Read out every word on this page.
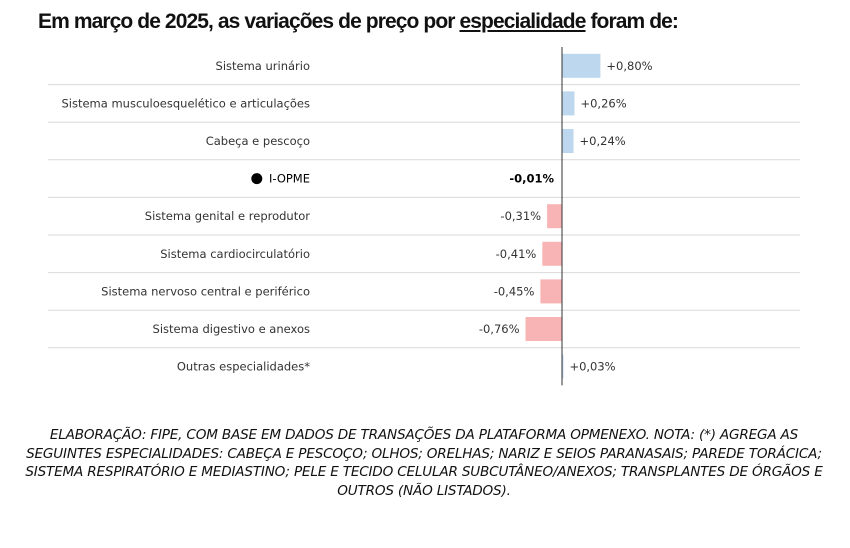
Em março de 2025, as variações de preço por especialidade foram de:
Sistema urinário	+0,80%
Sistema musculoesquelético e articulações	+0,26%
Cabeça e pescoço	+0,24%
I-OPME	-0,01%
Sistema genital e reprodutor	-0,31%
Sistema cardiocirculatório	-0,41%
Sistema nervoso central e periférico	-0,45%
Sistema digestivo e anexos	-0,76%
Outras especialidades*	+0,03%
ELABORAÇÃO: FIPE, COM BASE EM DADOS DE TRANSAÇÕES DA PLATAFORMA OPMENEXO. NOTA: (*) AGREGA AS SEGUINTES ESPECIALIDADES: CABEÇA E PESCOÇO; OLHOS; ORELHAS; NARIZ E SEIOS PARANASAIS; PAREDE TORÁCICA; SISTEMA RESPIRATÓRIO E MEDIASTINO; PELE E TECIDO CELULAR SUBCUTÂNEO/ANEXOS; TRANSPLANTES DE ÓRGÃOS E OUTROS (NÃO LISTADOS).
